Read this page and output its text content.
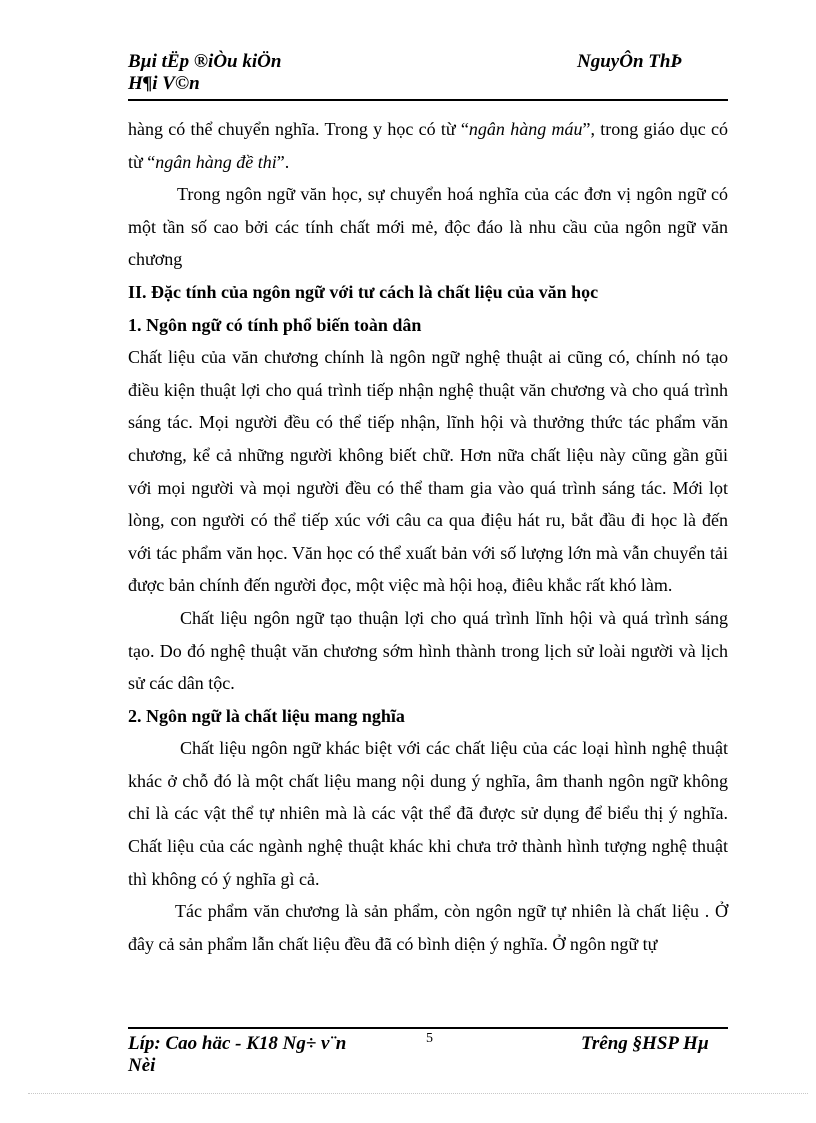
Bµi tËp ®iÒu kiÖn
H¶i V©n
NguyÔn ThÞ

hàng có thể chuyển nghĩa. Trong y học có từ “ngân hàng máu”, trong giáo dục có từ “ngân hàng đề thi”.

Trong ngôn ngữ văn học, sự chuyển hoá nghĩa của các đơn vị ngôn ngữ có một tần số cao bởi các tính chất mới mẻ, độc đáo là nhu cầu của ngôn ngữ văn chương

II. Đặc tính của ngôn ngữ với tư cách là chất liệu của văn học

1. Ngôn ngữ có tính phổ biến toàn dân

Chất liệu của văn chương chính là ngôn ngữ nghệ thuật ai cũng có, chính nó tạo điều kiện thuật lợi cho quá trình tiếp nhận nghệ thuật văn chương và cho quá trình sáng tác. Mọi người đều có thể tiếp nhận, lĩnh hội và thưởng thức tác phẩm văn chương, kể cả những người không biết chữ. Hơn nữa chất liệu này cũng gần gũi với mọi người và mọi người đều có thể tham gia vào quá trình sáng tác. Mới lọt lòng, con người có thể tiếp xúc với câu ca qua điệu hát ru, bắt đầu đi học là đến với tác phẩm văn học. Văn học có thể xuất bản với số lượng lớn mà vẫn chuyển tải được bản chính đến người đọc, một việc mà hội hoạ, điêu khắc rất khó làm.

Chất liệu ngôn ngữ tạo thuận lợi cho quá trình lĩnh hội và quá trình sáng tạo. Do đó nghệ thuật văn chương sớm hình thành trong lịch sử loài người và lịch sử các dân tộc.

2. Ngôn ngữ là chất liệu mang nghĩa

Chất liệu ngôn ngữ khác biệt với các chất liệu của các loại hình nghệ thuật khác ở chỗ đó là một chất liệu mang nội dung ý nghĩa, âm thanh ngôn ngữ không chỉ là các vật thể tự nhiên mà là các vật thể đã được sử dụng để biểu thị ý nghĩa. Chất liệu của các ngành nghệ thuật khác khi chưa trở thành hình tượng nghệ thuật thì không có ý nghĩa gì cả.

Tác phẩm văn chương là sản phẩm, còn ngôn ngữ tự nhiên là chất liệu . Ở đây cả sản phẩm lẫn chất liệu đều đã có bình diện ý nghĩa. Ở ngôn ngữ tự

Líp: Cao häc - K18 Ng÷ v¨n
Nèi
5	Trêng §HSP Hµ
